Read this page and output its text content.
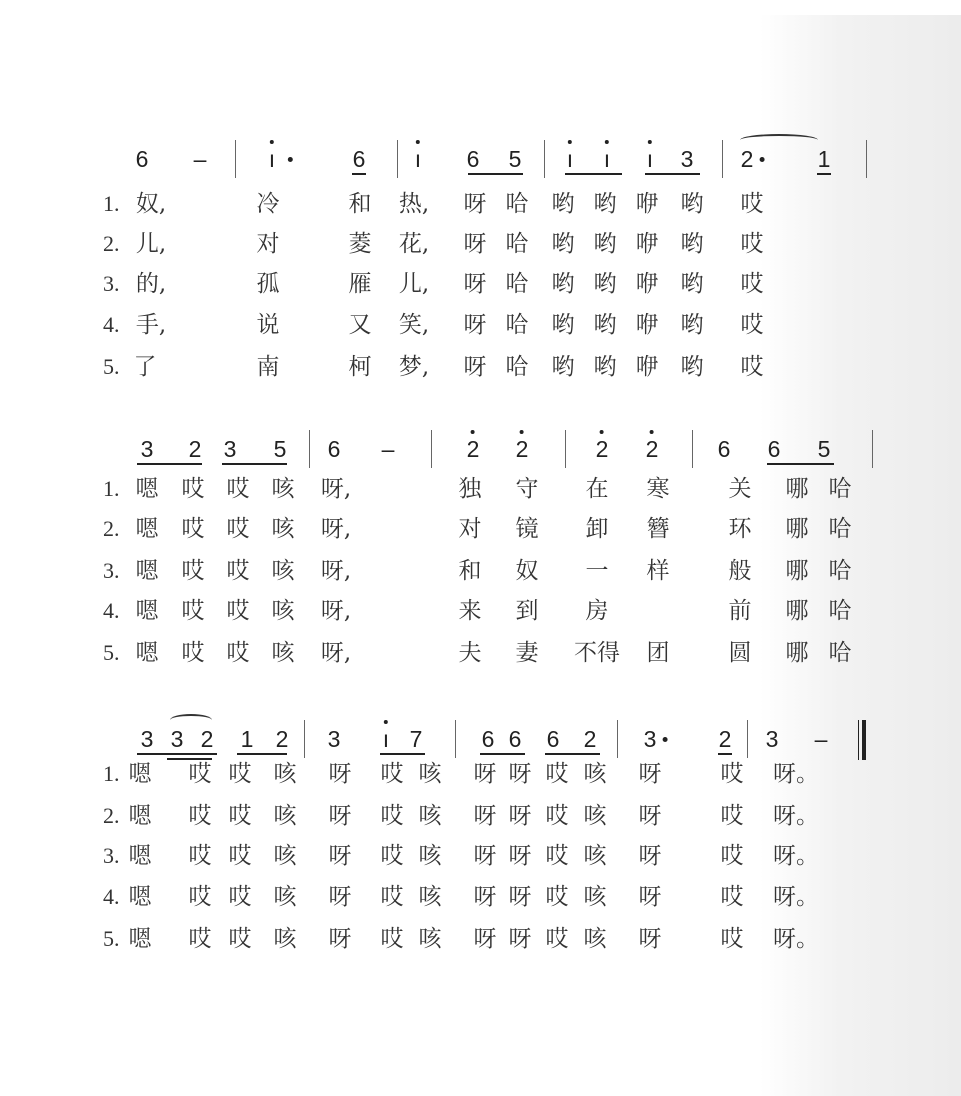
6 –	ı	6 ı 6 5 ı ı ı 3 2	1
1. 奴,	冷	和 热, 呀 哈 哟 哟 咿 哟 哎
2. 儿,	对	菱 花, 呀 哈 哟 哟 咿 哟 哎
3. 的,	孤	雁 儿, 呀 哈 哟 哟 咿 哟 哎
4. 手,	说	又 笑, 呀 哈 哟 哟 咿 哟 哎
5. 了	南	柯 梦, 呀 哈 哟 哟 咿 哟 哎
3 2 3 5 6 –	2 2	2 2	6 6 5
1. 嗯 哎 哎 咳 呀,	独 守 在 寒	关 哪 哈
2. 嗯 哎 哎 咳 呀,	对 镜 卸 簪	环 哪 哈
3. 嗯 哎 哎 咳 呀,	和 奴 一 样	般 哪 哈
4. 嗯 哎 哎 咳 呀,	来 到 房	前 哪 哈
5. 嗯 哎 哎 咳 呀,	夫 妻 不得 团	圆 哪 哈
3 3 2 1 2 3 ı 7	6 6 6 2 3	2 3 –
1. 嗯 哎 哎 咳 呀 哎 咳 呀 呀 哎 咳 呀	哎 呀。
2. 嗯 哎 哎 咳 呀 哎 咳 呀 呀 哎 咳 呀	哎 呀。
3. 嗯 哎 哎 咳 呀 哎 咳 呀 呀 哎 咳 呀	哎 呀。
4. 嗯 哎 哎 咳 呀 哎 咳 呀 呀 哎 咳 呀	哎 呀。
5. 嗯 哎 哎 咳 呀 哎 咳 呀 呀 哎 咳 呀	哎 呀。
